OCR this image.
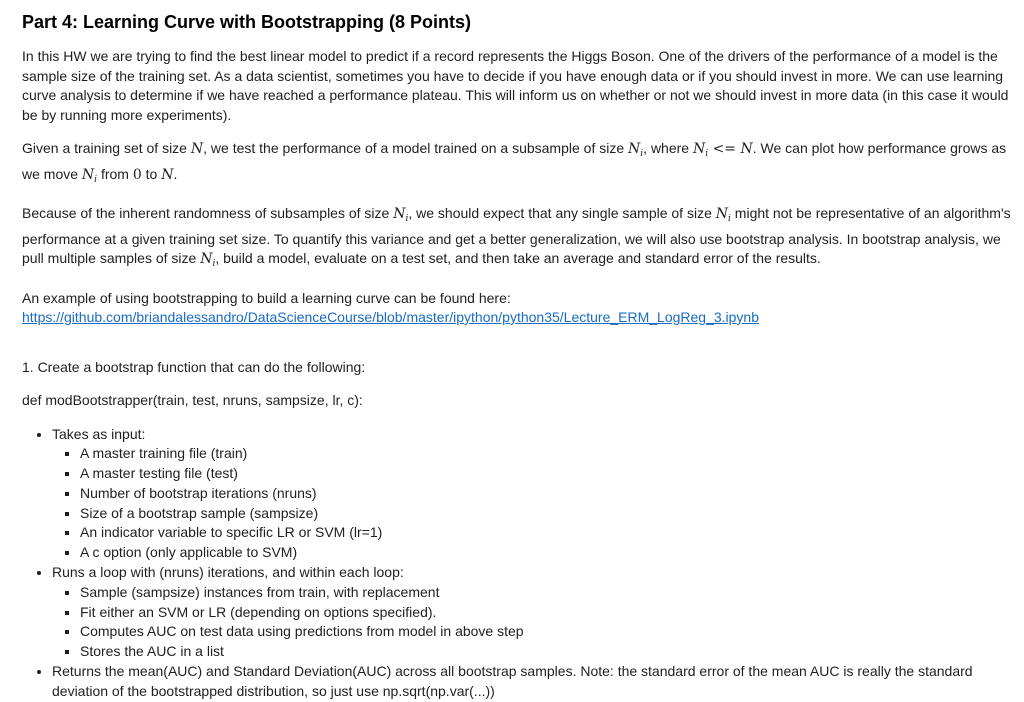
Part 4: Learning Curve with Bootstrapping (8 Points)

In this HW we are trying to find the best linear model to predict if a record represents the Higgs Boson. One of the drivers of the performance of a model is the sample size of the training set. As a data scientist, sometimes you have to decide if you have enough data or if you should invest in more. We can use learning curve analysis to determine if we have reached a performance plateau. This will inform us on whether or not we should invest in more data (in this case it would be by running more experiments).

Given a training set of size N, we test the performance of a model trained on a subsample of size $N_i$, where $N_i <= N$. We can plot how performance grows as we move $N_i$ from 0 to N.

Because of the inherent randomness of subsamples of size $N_i$, we should expect that any single sample of size $N_i$ might not be representative of an algorithm's performance at a given training set size. To quantify this variance and get a better generalization, we will also use bootstrap analysis. In bootstrap analysis, we pull multiple samples of size $N_i$, build a model, evaluate on a test set, and then take an average and standard error of the results.

An example of using bootstrapping to build a learning curve can be found here:
https://github.com/briandalessandro/DataScienceCourse/blob/master/ipython/python35/Lecture_ERM_LogReg_3.ipynb

1. Create a bootstrap function that can do the following:

def modBootstrapper(train, test, nruns, sampsize, lr, c):

• Takes as input:
▪ A master training file (train)
▪ A master testing file (test)
▪ Number of bootstrap iterations (nruns)
▪ Size of a bootstrap sample (sampsize)
▪ An indicator variable to specific LR or SVM (lr=1)
▪ A c option (only applicable to SVM)
• Runs a loop with (nruns) iterations, and within each loop:
▪ Sample (sampsize) instances from train, with replacement
▪ Fit either an SVM or LR (depending on options specified).
▪ Computes AUC on test data using predictions from model in above step
▪ Stores the AUC in a list
• Returns the mean(AUC) and Standard Deviation(AUC) across all bootstrap samples. Note: the standard error of the mean AUC is really the standard deviation of the bootstrapped distribution, so just use np.sqrt(np.var(...))
